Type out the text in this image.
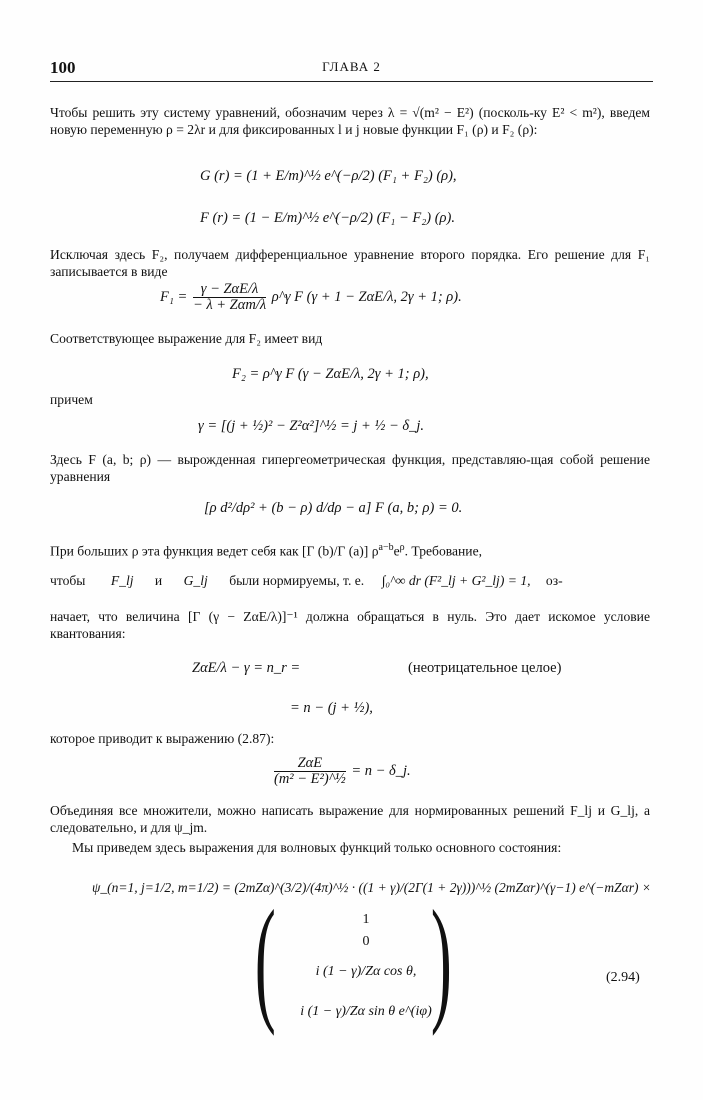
100	ГЛАВА 2
Чтобы решить эту систему уравнений, обозначим через λ = √(m² − E²) (посколь-ку E² < m²), введем новую переменную ρ = 2λr и для фиксированных l и j новые функции F₁ (ρ) и F₂ (ρ):
G (r) = (1 + E/m)^½ e^(−ρ/2) (F₁ + F₂) (ρ),
F (r) = (1 − E/m)^½ e^(−ρ/2) (F₁ − F₂) (ρ).
Исключая здесь F₂, получаем дифференциальное уравнение второго порядка. Его решение для F₁ записывается в виде
$F_1 = \frac{\text{γ − ZαE/λ}}{\text{− λ + Zαm/λ}}$ ρ^γ F (γ + 1 − ZαE/λ, 2γ + 1; ρ).
Соответствующее выражение для F₂ имеет вид
F₂ = ρ^γ F (γ − ZαE/λ, 2γ + 1; ρ),
причем
γ = [(j + ½)² − Z²α²]^½ = j + ½ − δ_j.
Здесь F (a, b; ρ) — вырожденная гипергеометрическая функция, представляю-щая собой решение уравнения
[ρ d²/dρ² + (b − ρ) d/dρ − a] F (a, b; ρ) = 0.
При больших ρ эта функция ведет себя как [Γ (b)/Γ (a)] $\rho^{a-b}e^\rho$. Требование,
чтобы F_lj и G_lj были нормируемы, т. е. ∫₀^∞ dr (F²_lj + G²_lj) = 1, оз-
начает, что величина [Γ (γ − ZαE/λ)]⁻¹ должна обращаться в нуль. Это дает искомое условие квантования:
ZαE/λ − γ = n_r =	(неотрицательное целое)
= n − (j + ½),
которое приводит к выражению (2.87):
$\frac{\text{ZαE}}{\text{(m² − E²)\textasciicircum{}½}} = n$ − δ_j.
Объединяя все множители, можно написать выражение для нормированных решений F_lj и G_lj, а следовательно, и для ψ_jm.
Мы приведем здесь выражения для волновых функций только основного состояния:
ψ_(n=1, j=1/2, m=1/2) = (2mZα)^(3/2)/(4π)^½ · ((1 + γ)/(2Γ(1 + 2γ)))^½ (2mZαr)^(γ−1) e^(−mZαr) ×
(	1
0
i (1 − γ)/Zα cos θ,
i (1 − γ)/Zα sin θ e^(iφ) )	(2.94)
